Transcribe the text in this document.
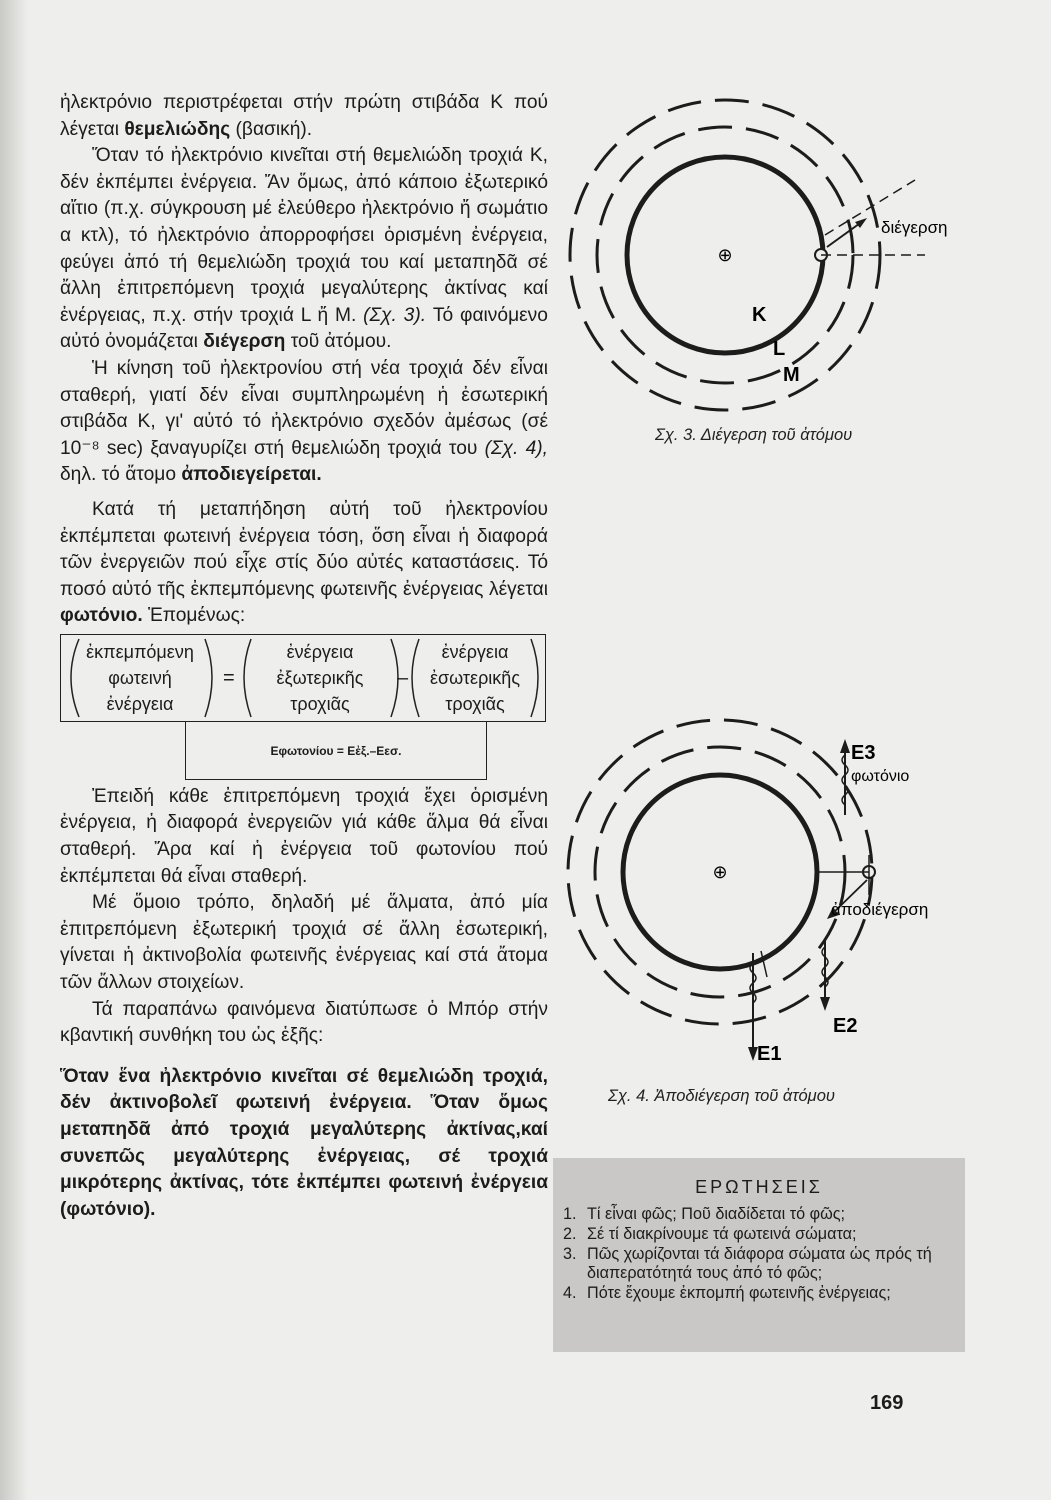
ἠλεκτρόνιο περιστρέφεται στήν πρώτη στιβάδα Κ πού λέγεται θεμελιώδης (βασική).

Ὅταν τό ἠλεκτρόνιο κινεῖται στή θεμελιώδη τροχιά Κ, δέν ἐκπέμπει ἐνέργεια. Ἄν ὅμως, ἀπό κάποιο ἐξωτερικό αἴτιο (π.χ. σύγκρουση μέ ἐλεύθερο ἠλεκτρόνιο ἤ σωμάτιο α κτλ), τό ἠλεκτρόνιο ἀπορροφήσει ὁρισμένη ἐνέργεια, φεύγει ἀπό τή θεμελιώδη τροχιά του καί μεταπηδᾶ σέ ἄλλη ἐπιτρεπόμενη τροχιά μεγαλύτερης ἀκτίνας καί ἐνέργειας, π.χ. στήν τροχιά L ἤ M. (Σχ. 3). Τό φαινόμενο αὐτό ὀνομάζεται διέγερση τοῦ ἀτόμου.

Ἡ κίνηση τοῦ ἠλεκτρονίου στή νέα τροχιά δέν εἶναι σταθερή, γιατί δέν εἶναι συμπληρωμένη ἡ ἐσωτερική στιβάδα Κ, γι' αὐτό τό ἠλεκτρόνιο σχεδόν ἀμέσως (σέ 10⁻⁸ sec) ξαναγυρίζει στή θεμελιώδη τροχιά του (Σχ. 4), δηλ. τό ἄτομο ἀποδιεγείρεται.

Κατά τή μεταπήδηση αὐτή τοῦ ἠλεκτρονίου ἐκπέμπεται φωτεινή ἐνέργεια τόση, ὅση εἶναι ἡ διαφορά τῶν ἐνεργειῶν πού εἶχε στίς δύο αὐτές καταστάσεις. Τό ποσό αὐτό τῆς ἐκπεμπόμενης φωτεινῆς ἐνέργειας λέγεται φωτόνιο. Ἑπομένως:

ἐκπεμπόμενη
φωτεινή
ἐνέργεια
=
ἐνέργεια
ἐξωτερικῆς
τροχιᾶς
–
ἐνέργεια
ἐσωτερικῆς
τροχιᾶς
Eφωτονίου = Eἐξ.–Eεσ.

Ἐπειδή κάθε ἐπιτρεπόμενη τροχιά ἔχει ὁρισμένη ἐνέργεια, ἡ διαφορά ἐνεργειῶν γιά κάθε ἅλμα θά εἶναι σταθερή. Ἄρα καί ἡ ἐνέργεια τοῦ φωτονίου πού ἐκπέμπεται θά εἶναι σταθερή.

Μέ ὅμοιο τρόπο, δηλαδή μέ ἅλματα, ἀπό μία ἐπιτρεπόμενη ἐξωτερική τροχιά σέ ἄλλη ἐσωτερική, γίνεται ἡ ἀκτινοβολία φωτεινῆς ἐνέργειας καί στά ἄτομα τῶν ἄλλων στοιχείων.

Τά παραπάνω φαινόμενα διατύπωσε ὁ Μπόρ στήν κβαντική συνθήκη του ὡς ἑξῆς:

Ὅταν ἕνα ἠλεκτρόνιο κινεῖται σέ θεμελιώδη τροχιά, δέν ἀκτινοβολεῖ φωτεινή ἐνέργεια. Ὅταν ὅμως μεταπηδᾶ ἀπό τροχιά μεγαλύτερης ἀκτίνας,καί συνεπῶς μεγαλύτερης ἐνέργειας, σέ τροχιά μικρότερης ἀκτίνας, τότε ἐκπέμπει φωτεινή ἐνέργεια (φωτόνιο).

⊕
διέγερση
K
L
M
Σχ. 3. Διέγερση τοῦ ἀτόμου
⊕
ἀποδιέγερση
E3
φωτόνιο
E2
E1
Σχ. 4. Ἀποδιέγερση τοῦ ἀτόμου
ΕΡΩΤΗΣΕΙΣ
1. Τί εἶναι φῶς; Ποῦ διαδίδεται τό φῶς;
2. Σέ τί διακρίνουμε τά φωτεινά σώματα;
3. Πῶς χωρίζονται τά διάφορα σώματα ὡς πρός τή διαπερατότητά τους ἀπό τό φῶς;
4. Πότε ἔχουμε ἐκπομπή φωτεινῆς ἐνέργειας;
169
